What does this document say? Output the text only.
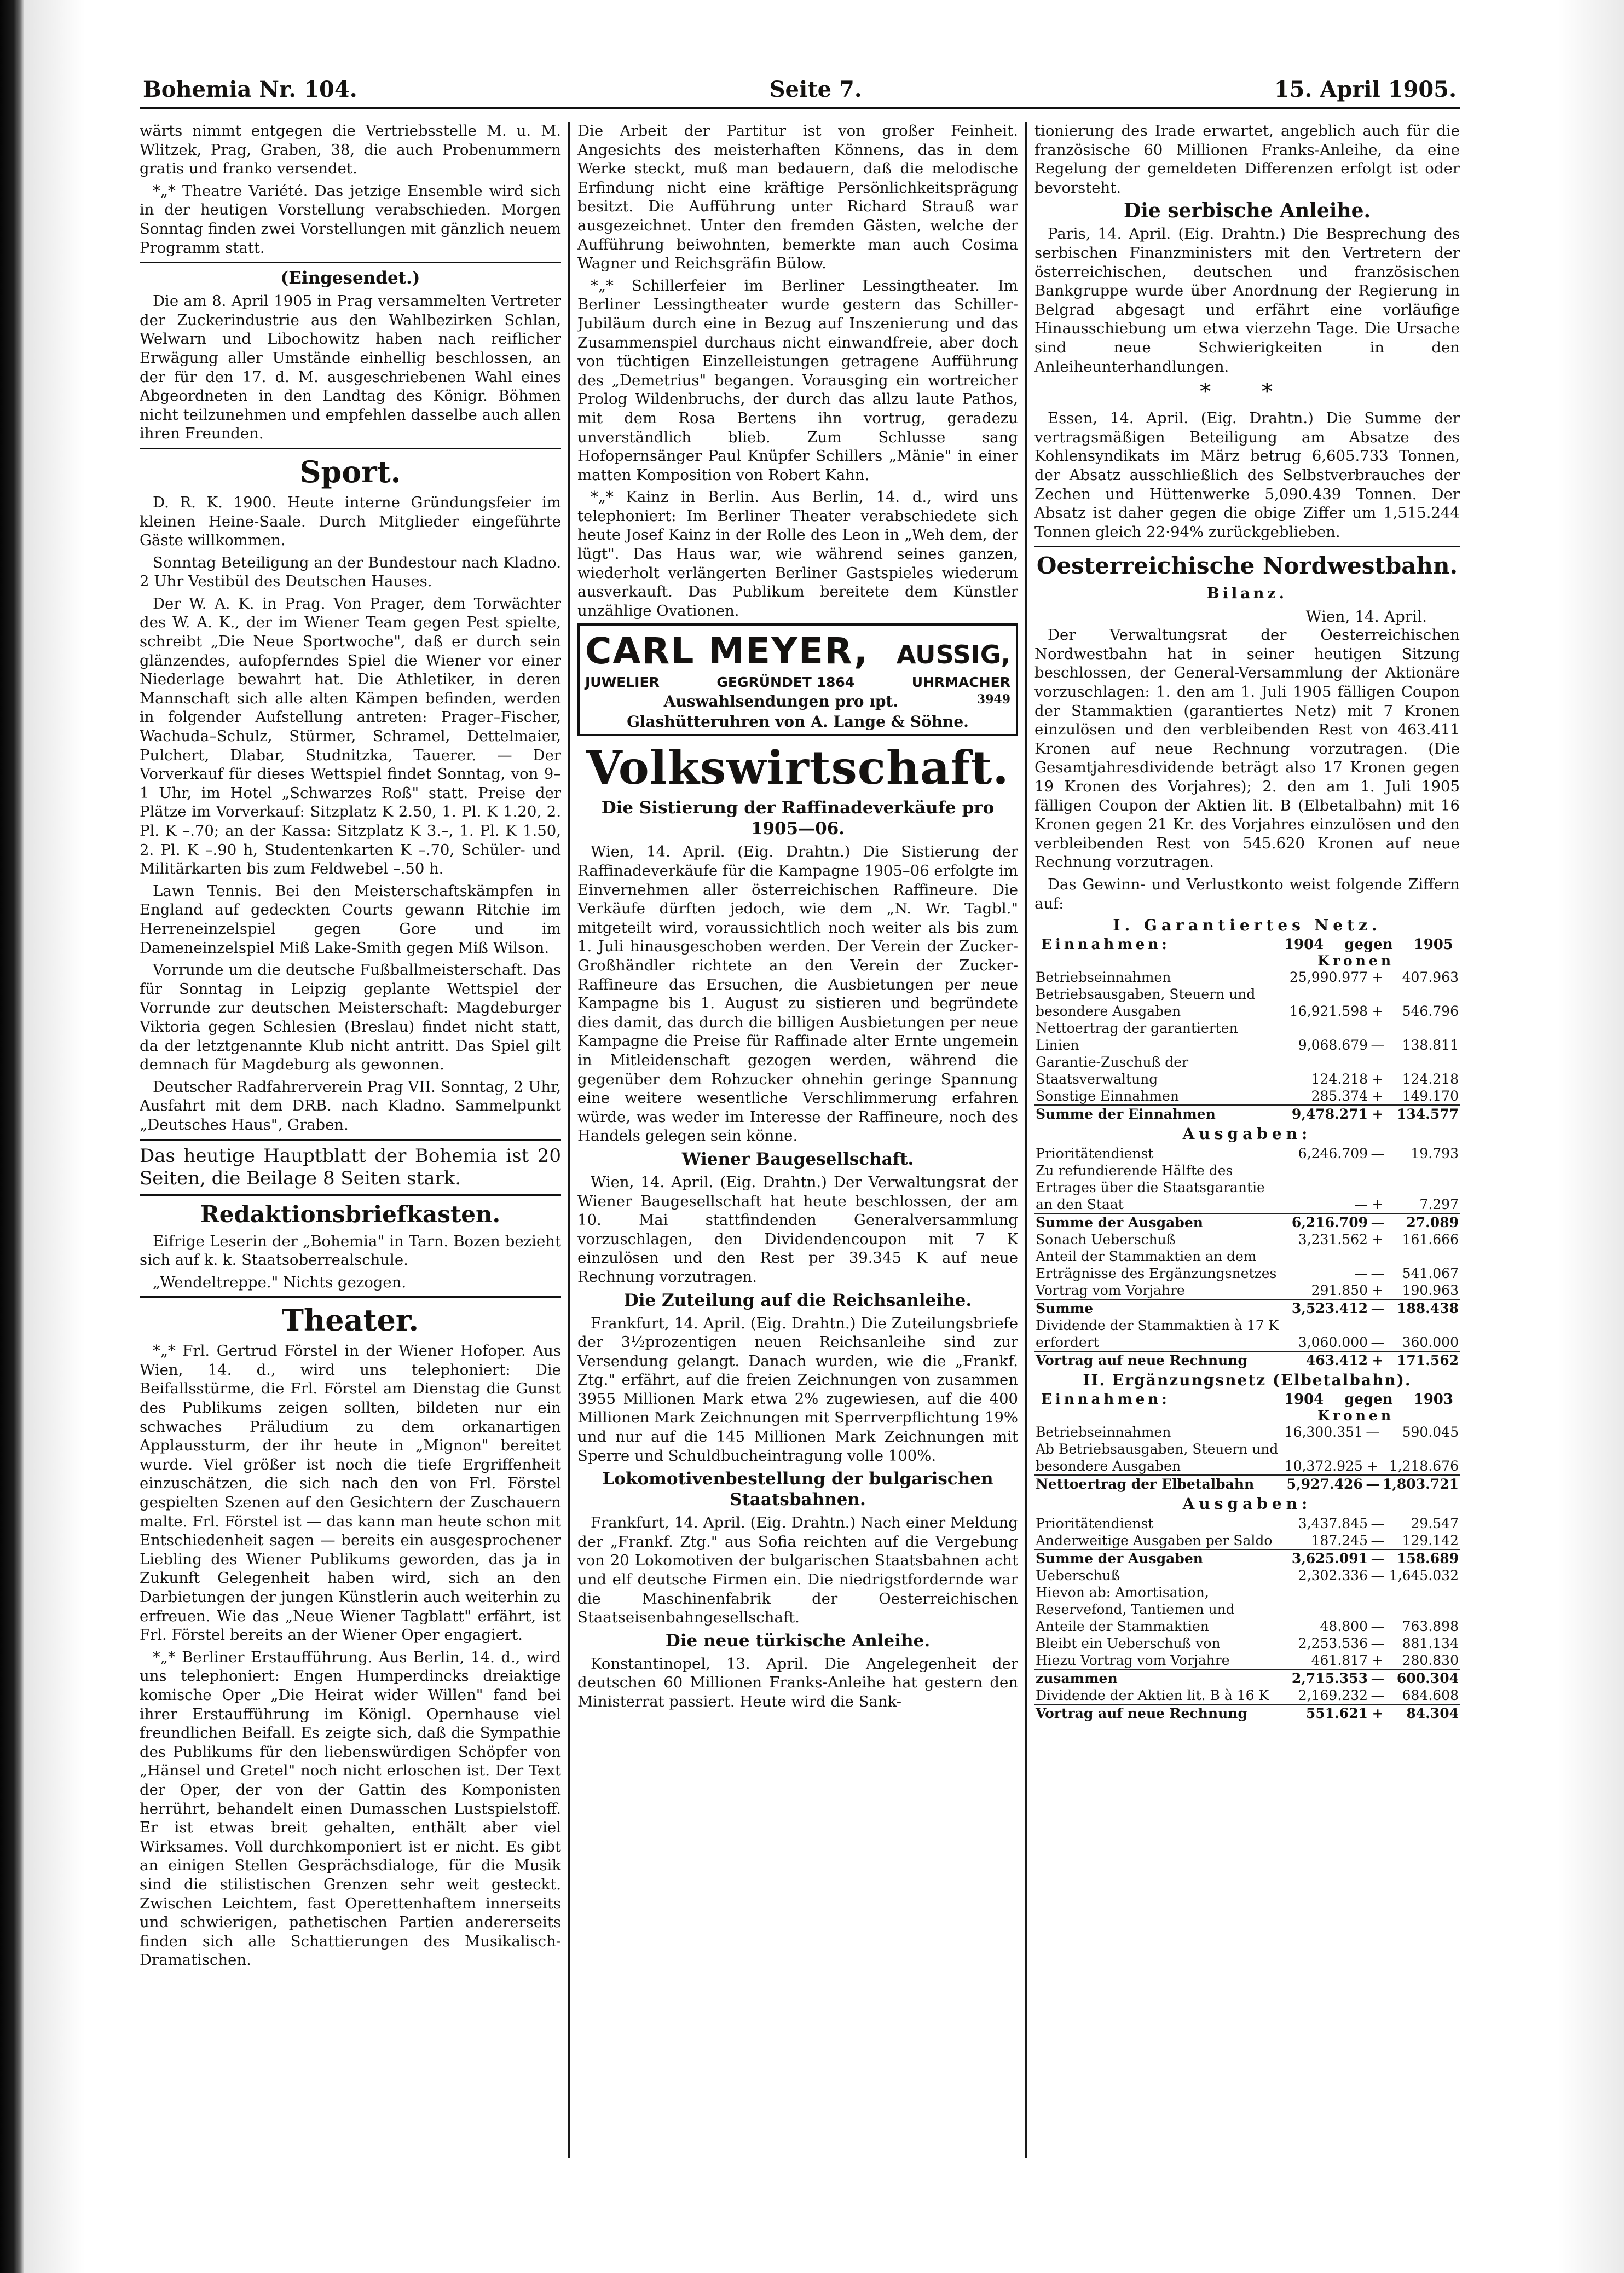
Bohemia Nr. 104.	Seite 7.	15. April 1905.

wärts nimmt entgegen die Vertriebsstelle M. u. M. Wlitzek, Prag, Graben, 38, die auch Probenummern gratis und franko versendet.

*„* Theatre Variété. Das jetzige Ensemble wird sich in der heutigen Vorstellung verabschieden. Morgen Sonntag finden zwei Vorstellungen mit gänzlich neuem Programm statt.

(Eingesendet.)

Die am 8. April 1905 in Prag versammelten Vertreter der Zuckerindustrie aus den Wahlbezirken Schlan, Welwarn und Libochowitz haben nach reiflicher Erwägung aller Umstände einhellig beschlossen, an der für den 17. d. M. ausgeschriebenen Wahl eines Abgeordneten in den Landtag des Königr. Böhmen nicht teilzunehmen und empfehlen dasselbe auch allen ihren Freunden.

Sport.

D. R. K. 1900. Heute interne Gründungsfeier im kleinen Heine-Saale. Durch Mitglieder eingeführte Gäste willkommen.

Sonntag Beteiligung an der Bundestour nach Kladno. 2 Uhr Vestibül des Deutschen Hauses.

Der W. A. K. in Prag. Von Prager, dem Torwächter des W. A. K., der im Wiener Team gegen Pest spielte, schreibt „Die Neue Sportwoche", daß er durch sein glänzendes, aufopferndes Spiel die Wiener vor einer Niederlage bewahrt hat. Die Athletiker, in deren Mannschaft sich alle alten Kämpen befinden, werden in folgender Aufstellung antreten: Prager–Fischer, Wachuda–Schulz, Stürmer, Schramel, Dettelmaier, Pulchert, Dlabar, Studnitzka, Tauerer. — Der Vorverkauf für dieses Wettspiel findet Sonntag, von 9–1 Uhr, im Hotel „Schwarzes Roß" statt. Preise der Plätze im Vorverkauf: Sitzplatz K 2.50, 1. Pl. K 1.20, 2. Pl. K –.70; an der Kassa: Sitzplatz K 3.–, 1. Pl. K 1.50, 2. Pl. K –.90 h, Studentenkarten K –.70, Schüler- und Militärkarten bis zum Feldwebel –.50 h.

Lawn Tennis. Bei den Meisterschaftskämpfen in England auf gedeckten Courts gewann Ritchie im Herreneinzelspiel gegen Gore und im Dameneinzelspiel Miß Lake-Smith gegen Miß Wilson.

Vorrunde um die deutsche Fußballmeisterschaft. Das für Sonntag in Leipzig geplante Wettspiel der Vorrunde zur deutschen Meisterschaft: Magdeburger Viktoria gegen Schlesien (Breslau) findet nicht statt, da der letztgenannte Klub nicht antritt. Das Spiel gilt demnach für Magdeburg als gewonnen.

Deutscher Radfahrerverein Prag VII. Sonntag, 2 Uhr, Ausfahrt mit dem DRB. nach Kladno. Sammelpunkt „Deutsches Haus", Graben.

Das heutige Hauptblatt der Bohemia ist 20 Seiten, die Beilage 8 Seiten stark.

Redaktionsbriefkasten.

Eifrige Leserin der „Bohemia" in Tarn. Bozen bezieht sich auf k. k. Staatsoberrealschule.

„Wendeltreppe." Nichts gezogen.

Theater.

*„* Frl. Gertrud Förstel in der Wiener Hofoper. Aus Wien, 14. d., wird uns telephoniert: Die Beifallsstürme, die Frl. Förstel am Dienstag die Gunst des Publikums zeigen sollten, bildeten nur ein schwaches Präludium zu dem orkanartigen Applaussturm, der ihr heute in „Mignon" bereitet wurde. Viel größer ist noch die tiefe Ergriffenheit einzuschätzen, die sich nach den von Frl. Förstel gespielten Szenen auf den Gesichtern der Zuschauern malte. Frl. Förstel ist — das kann man heute schon mit Entschiedenheit sagen — bereits ein ausgesprochener Liebling des Wiener Publikums geworden, das ja in Zukunft Gelegenheit haben wird, sich an den Darbietungen der jungen Künstlerin auch weiterhin zu erfreuen. Wie das „Neue Wiener Tagblatt" erfährt, ist Frl. Förstel bereits an der Wiener Oper engagiert.

*„* Berliner Erstaufführung. Aus Berlin, 14. d., wird uns telephoniert: Engen Humperdincks dreiaktige komische Oper „Die Heirat wider Willen" fand bei ihrer Erstaufführung im Königl. Opernhause viel freundlichen Beifall. Es zeigte sich, daß die Sympathie des Publikums für den liebenswürdigen Schöpfer von „Hänsel und Gretel" noch nicht erloschen ist. Der Text der Oper, der von der Gattin des Komponisten herrührt, behandelt einen Dumasschen Lustspielstoff. Er ist etwas breit gehalten, enthält aber viel Wirksames. Voll durchkomponiert ist er nicht. Es gibt an einigen Stellen Gesprächsdialoge, für die Musik sind die stilistischen Grenzen sehr weit gesteckt. Zwischen Leichtem, fast Operettenhaftem innerseits und schwierigen, pathetischen Partien andererseits finden sich alle Schattierungen des Musikalisch-Dramatischen.

Die Arbeit der Partitur ist von großer Feinheit. Angesichts des meisterhaften Könnens, das in dem Werke steckt, muß man bedauern, daß die melodische Erfindung nicht eine kräftige Persönlichkeitsprägung besitzt. Die Aufführung unter Richard Strauß war ausgezeichnet. Unter den fremden Gästen, welche der Aufführung beiwohnten, bemerkte man auch Cosima Wagner und Reichsgräfin Bülow.

*„* Schillerfeier im Berliner Lessingtheater. Im Berliner Lessingtheater wurde gestern das Schiller-Jubiläum durch eine in Bezug auf Inszenierung und das Zusammenspiel durchaus nicht einwandfreie, aber doch von tüchtigen Einzelleistungen getragene Aufführung des „Demetrius" begangen. Vorausging ein wortreicher Prolog Wildenbruchs, der durch das allzu laute Pathos, mit dem Rosa Bertens ihn vortrug, geradezu unverständlich blieb. Zum Schlusse sang Hofopernsänger Paul Knüpfer Schillers „Mänie" in einer matten Komposition von Robert Kahn.

*„* Kainz in Berlin. Aus Berlin, 14. d., wird uns telephoniert: Im Berliner Theater verabschiedete sich heute Josef Kainz in der Rolle des Leon in „Weh dem, der lügt". Das Haus war, wie während seines ganzen, wiederholt verlängerten Berliner Gastspieles wiederum ausverkauft. Das Publikum bereitete dem Künstler unzählige Ovationen.

CARL MEYER, AUSSIG,
JUWELIER	GEGRÜNDET 1864	UHRMACHER
Auswahlsendungen pro ıpt.	3949
Glashütteruhren von A. Lange & Söhne.
Volkswirtschaft.
Die Sistierung der Raffinadeverkäufe pro 1905—06.

Wien, 14. April. (Eig. Drahtn.) Die Sistierung der Raffinadeverkäufe für die Kampagne 1905–06 erfolgte im Einvernehmen aller österreichischen Raffineure. Die Verkäufe dürften jedoch, wie dem „N. Wr. Tagbl." mitgeteilt wird, voraussichtlich noch weiter als bis zum 1. Juli hinausgeschoben werden. Der Verein der Zucker-Großhändler richtete an den Verein der Zucker-Raffineure das Ersuchen, die Ausbietungen per neue Kampagne bis 1. August zu sistieren und begründete dies damit, das durch die billigen Ausbietungen per neue Kampagne die Preise für Raffinade alter Ernte ungemein in Mitleidenschaft gezogen werden, während die gegenüber dem Rohzucker ohnehin geringe Spannung eine weitere wesentliche Verschlimmerung erfahren würde, was weder im Interesse der Raffineure, noch des Handels gelegen sein könne.

Wiener Baugesellschaft.

Wien, 14. April. (Eig. Drahtn.) Der Verwaltungsrat der Wiener Baugesellschaft hat heute beschlossen, der am 10. Mai stattfindenden Generalversammlung vorzuschlagen, den Dividendencoupon mit 7 K einzulösen und den Rest per 39.345 K auf neue Rechnung vorzutragen.

Die Zuteilung auf die Reichsanleihe.

Frankfurt, 14. April. (Eig. Drahtn.) Die Zuteilungsbriefe der 3½prozentigen neuen Reichsanleihe sind zur Versendung gelangt. Danach wurden, wie die „Frankf. Ztg." erfährt, auf die freien Zeichnungen von zusammen 3955 Millionen Mark etwa 2% zugewiesen, auf die 400 Millionen Mark Zeichnungen mit Sperrverpflichtung 19% und nur auf die 145 Millionen Mark Zeichnungen mit Sperre und Schuldbucheintragung volle 100%.

Lokomotivenbestellung der bulgarischen Staatsbahnen.

Frankfurt, 14. April. (Eig. Drahtn.) Nach einer Meldung der „Frankf. Ztg." aus Sofia reichten auf die Vergebung von 20 Lokomotiven der bulgarischen Staatsbahnen acht und elf deutsche Firmen ein. Die niedrigstfordernde war die Maschinenfabrik der Oesterreichischen Staatseisenbahngesellschaft.

Die neue türkische Anleihe.

Konstantinopel, 13. April. Die Angelegenheit der deutschen 60 Millionen Franks-Anleihe hat gestern den Ministerrat passiert. Heute wird die Sank-

tionierung des Irade erwartet, angeblich auch für die französische 60 Millionen Franks-Anleihe, da eine Regelung der gemeldeten Differenzen erfolgt ist oder bevorsteht.

Die serbische Anleihe.

Paris, 14. April. (Eig. Drahtn.) Die Besprechung des serbischen Finanzministers mit den Vertretern der österreichischen, deutschen und französischen Bankgruppe wurde über Anordnung der Regierung in Belgrad abgesagt und erfährt eine vorläufige Hinausschiebung um etwa vierzehn Tage. Die Ursache sind neue Schwierigkeiten in den Anleiheunterhandlungen.

* *

Essen, 14. April. (Eig. Drahtn.) Die Summe der vertragsmäßigen Beteiligung am Absatze des Kohlensyndikats im März betrug 6,605.733 Tonnen, der Absatz ausschließlich des Selbstverbrauches der Zechen und Hüttenwerke 5,090.439 Tonnen. Der Absatz ist daher gegen die obige Ziffer um 1,515.244 Tonnen gleich 22·94% zurückgeblieben.

Oesterreichische Nordwestbahn.
Bilanz.
Wien, 14. April.

Der Verwaltungsrat der Oesterreichischen Nordwestbahn hat in seiner heutigen Sitzung beschlossen, der General-Versammlung der Aktionäre vorzuschlagen: 1. den am 1. Juli 1905 fälligen Coupon der Stammaktien (garantiertes Netz) mit 7 Kronen einzulösen und den verbleibenden Rest von 463.411 Kronen auf neue Rechnung vorzutragen. (Die Gesamtjahresdividende beträgt also 17 Kronen gegen 19 Kronen des Vorjahres); 2. den am 1. Juli 1905 fälligen Coupon der Aktien lit. B (Elbetalbahn) mit 16 Kronen gegen 21 Kr. des Vorjahres einzulösen und den verbleibenden Rest von 545.620 Kronen auf neue Rechnung vorzutragen.

Das Gewinn- und Verlustkonto weist folgende Ziffern auf:

I. Garantiertes Netz.
Einnahmen:	1904 gegen 1905
Kronen
Betriebseinnahmen	25,990.977	+	407.963
Betriebsausgaben, Steuern und besondere Ausgaben	16,921.598	+	546.796
Nettoertrag der garantierten Linien	9,068.679	—	138.811
Garantie-Zuschuß der Staatsverwaltung	124.218	+	124.218
Sonstige Einnahmen	285.374	+	149.170
Summe der Einnahmen	9,478.271	+	134.577
Ausgaben:
Prioritätendienst	6,246.709	—	19.793
Zu refundierende Hälfte des Ertrages über die Staatsgarantie an den Staat	—	+	7.297
Summe der Ausgaben	6,216.709	—	27.089
Sonach Ueberschuß	3,231.562	+	161.666
Anteil der Stammaktien an dem Erträgnisse des Ergänzungsnetzes	—	—	541.067
Vortrag vom Vorjahre	291.850	+	190.963
Summe	3,523.412	—	188.438
Dividende der Stammaktien à 17 K erfordert	3,060.000	—	360.000
Vortrag auf neue Rechnung	463.412	+	171.562
II. Ergänzungsnetz (Elbetalbahn).
Einnahmen:	1904 gegen 1903
Kronen
Betriebseinnahmen	16,300.351	—	590.045
Ab Betriebsausgaben, Steuern und besondere Ausgaben	10,372.925	+	1,218.676
Nettoertrag der Elbetalbahn	5,927.426	—	1,803.721
Ausgaben:
Prioritätendienst	3,437.845	—	29.547
Anderweitige Ausgaben per Saldo	187.245	—	129.142
Summe der Ausgaben	3,625.091	—	158.689
Ueberschuß	2,302.336	—	1,645.032
Hievon ab: Amortisation, Reservefond, Tantiemen und Anteile der Stammaktien	48.800	—	763.898
Bleibt ein Ueberschuß von	2,253.536	—	881.134
Hiezu Vortrag vom Vorjahre	461.817	+	280.830
zusammen	2,715.353	—	600.304
Dividende der Aktien lit. B à 16 K	2,169.232	—	684.608
Vortrag auf neue Rechnung	551.621	+	84.304
